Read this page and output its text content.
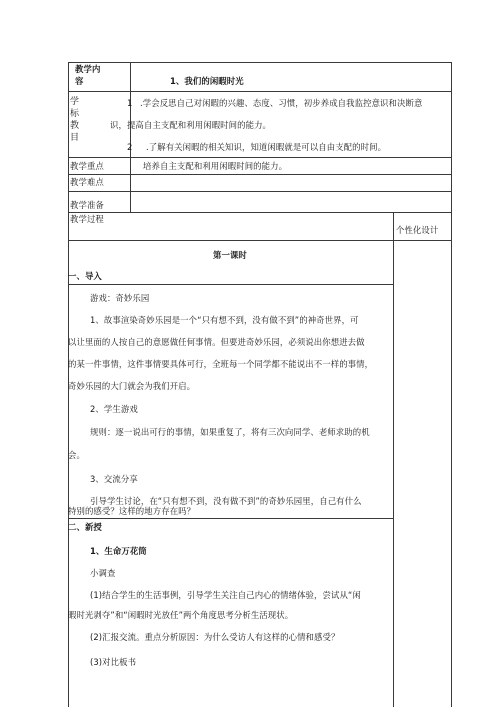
教学内
容	1、我们的闲暇时光
学
标
教
目
1 .学会反思自己对闲暇的兴趣、态度、习惯，初步养成自我监控意识和决断意
识，提高自主支配和利用闲暇时间的能力。
2 .了解有关闲暇的相关知识，知道闲暇就是可以自由支配的时间。
教学重点	培养自主支配和利用闲暇时间的能力。
教学难点
教学准备
教学过程
个性化设计
第一课时
一、导入
游戏：奇妙乐园
1、故事渲染奇妙乐园是一个“只有想不到，没有做不到”的神奇世界，可
以让里面的人按自己的意愿做任何事情。但要进奇妙乐园，必须说出你想进去做
的某一件事情，这件事情要具体可行，全班每一个同学都不能说出不一样的事情，
奇妙乐园的大门就会为我们开启。
2、学生游戏
规则：逐一说出可行的事情，如果重复了，将有三次向同学、老师求助的机
会。
3、交流分享
引导学生讨论，在“只有想不到，没有做不到”的奇妙乐园里，自己有什么
特别的感受？这样的地方存在吗？
二、新授
1、生命万花筒
小调查
(1)结合学生的生活事例，引导学生关注自己内心的情绪体验，尝试从“闲
暇时光剥夺”和“闲暇时光放任”两个角度思考分析生活现状。
(2)汇报交流。重点分析原因：为什么受访人有这样的心情和感受？
(3)对比板书
